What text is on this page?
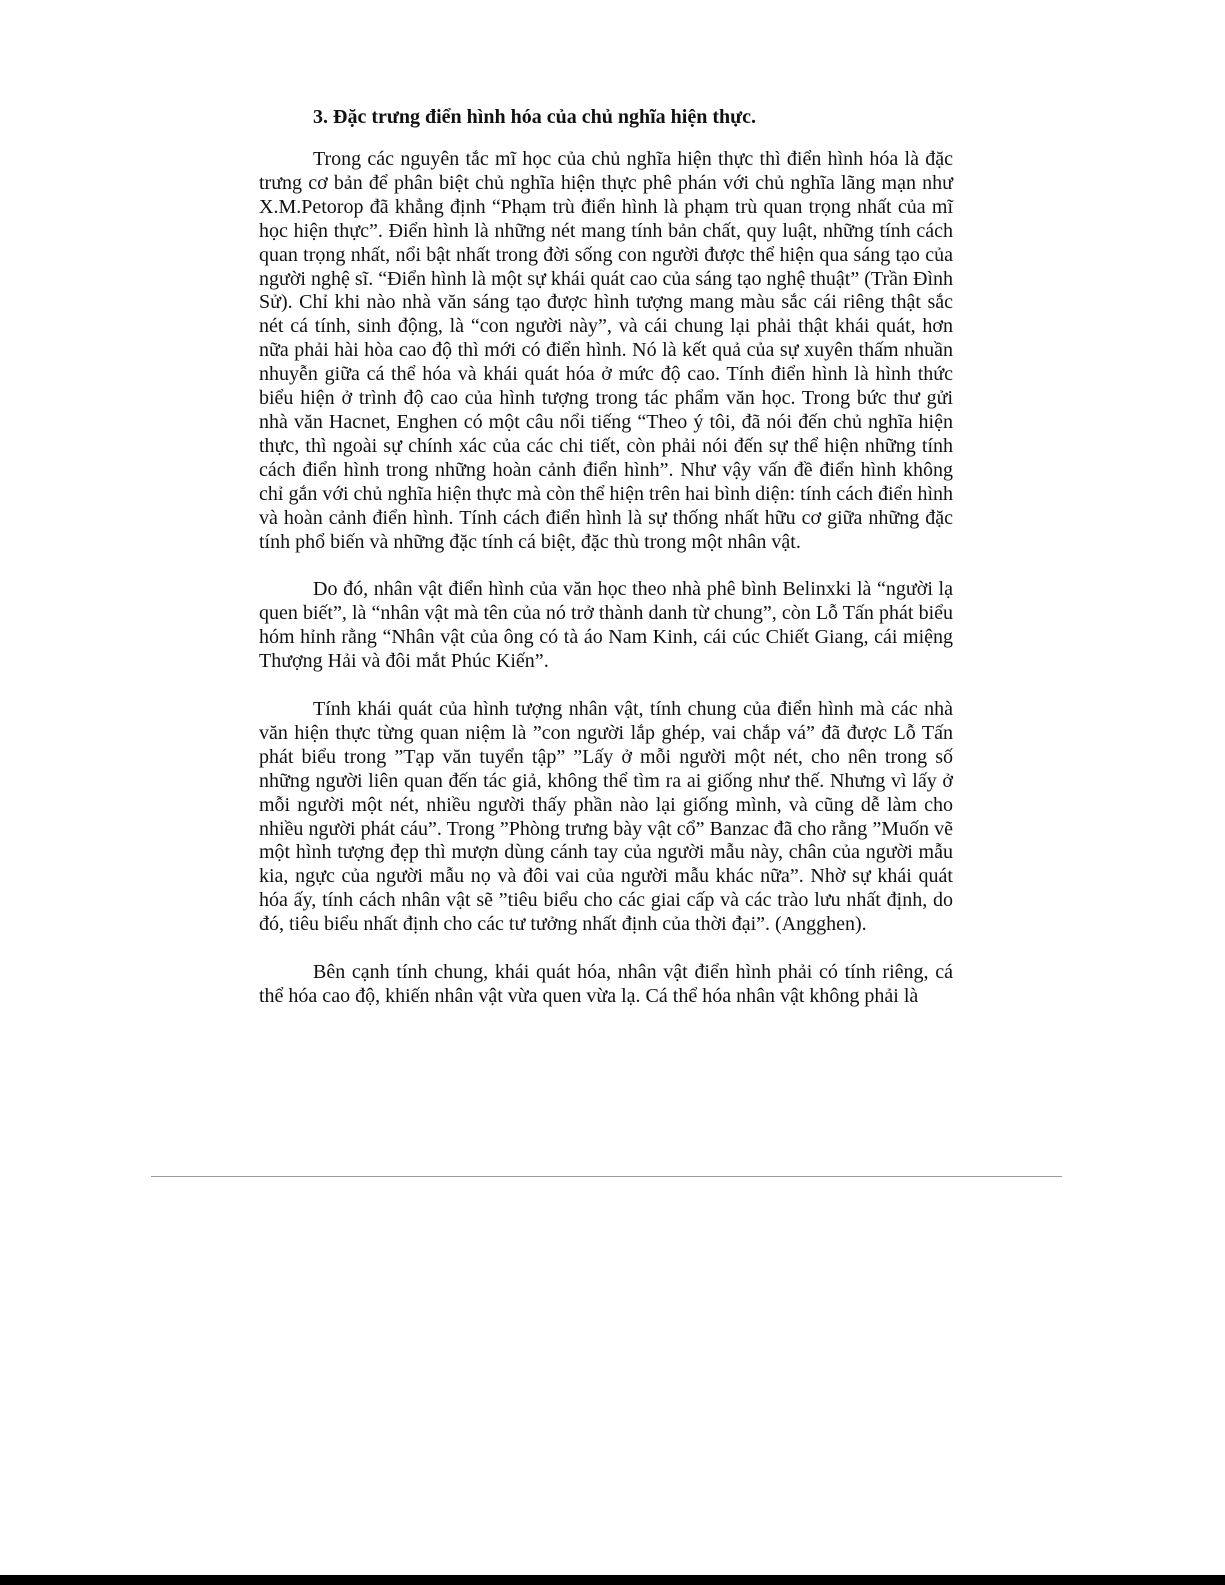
3. Đặc trưng điển hình hóa của chủ nghĩa hiện thực.

Trong các nguyên tắc mĩ học của chủ nghĩa hiện thực thì điển hình hóa là đặc trưng cơ bản để phân biệt chủ nghĩa hiện thực phê phán với chủ nghĩa lãng mạn như X.M.Petorop đã khẳng định “Phạm trù điển hình là phạm trù quan trọng nhất của mĩ học hiện thực”. Điển hình là những nét mang tính bản chất, quy luật, những tính cách quan trọng nhất, nổi bật nhất trong đời sống con người được thể hiện qua sáng tạo của người nghệ sĩ. “Điển hình là một sự khái quát cao của sáng tạo nghệ thuật” (Trần Đình Sử). Chỉ khi nào nhà văn sáng tạo được hình tượng mang màu sắc cái riêng thật sắc nét cá tính, sinh động, là “con người này”, và cái chung lại phải thật khái quát, hơn nữa phải hài hòa cao độ thì mới có điển hình. Nó là kết quả của sự xuyên thấm nhuần nhuyễn giữa cá thể hóa và khái quát hóa ở mức độ cao. Tính điển hình là hình thức biểu hiện ở trình độ cao của hình tượng trong tác phẩm văn học. Trong bức thư gửi nhà văn Hacnet, Enghen có một câu nổi tiếng “Theo ý tôi, đã nói đến chủ nghĩa hiện thực, thì ngoài sự chính xác của các chi tiết, còn phải nói đến sự thể hiện những tính cách điển hình trong những hoàn cảnh điển hình”. Như vậy vấn đề điển hình không chỉ gắn với chủ nghĩa hiện thực mà còn thể hiện trên hai bình diện: tính cách điển hình và hoàn cảnh điển hình. Tính cách điển hình là sự thống nhất hữu cơ giữa những đặc tính phổ biến và những đặc tính cá biệt, đặc thù trong một nhân vật.

Do đó, nhân vật điển hình của văn học theo nhà phê bình Belinxki là “người lạ quen biết”, là “nhân vật mà tên của nó trở thành danh từ chung”, còn Lỗ Tấn phát biểu hóm hỉnh rằng “Nhân vật của ông có tà áo Nam Kinh, cái cúc Chiết Giang, cái miệng Thượng Hải và đôi mắt Phúc Kiến”.

Tính khái quát của hình tượng nhân vật, tính chung của điển hình mà các nhà văn hiện thực từng quan niệm là ”con người lắp ghép, vai chắp vá” đã được Lỗ Tấn phát biểu trong ”Tạp văn tuyển tập” ”Lấy ở mỗi người một nét, cho nên trong số những người liên quan đến tác giả, không thể tìm ra ai giống như thế. Nhưng vì lấy ở mỗi người một nét, nhiều người thấy phần nào lại giống mình, và cũng dễ làm cho nhiều người phát cáu”. Trong ”Phòng trưng bày vật cổ” Banzac đã cho rằng ”Muốn vẽ một hình tượng đẹp thì mượn dùng cánh tay của người mẫu này, chân của người mẫu kia, ngực của người mẫu nọ và đôi vai của người mẫu khác nữa”. Nhờ sự khái quát hóa ấy, tính cách nhân vật sẽ ”tiêu biểu cho các giai cấp và các trào lưu nhất định, do đó, tiêu biểu nhất định cho các tư tưởng nhất định của thời đại”. (Angghen).

Bên cạnh tính chung, khái quát hóa, nhân vật điển hình phải có tính riêng, cá thể hóa cao độ, khiến nhân vật vừa quen vừa lạ. Cá thể hóa nhân vật không phải là
